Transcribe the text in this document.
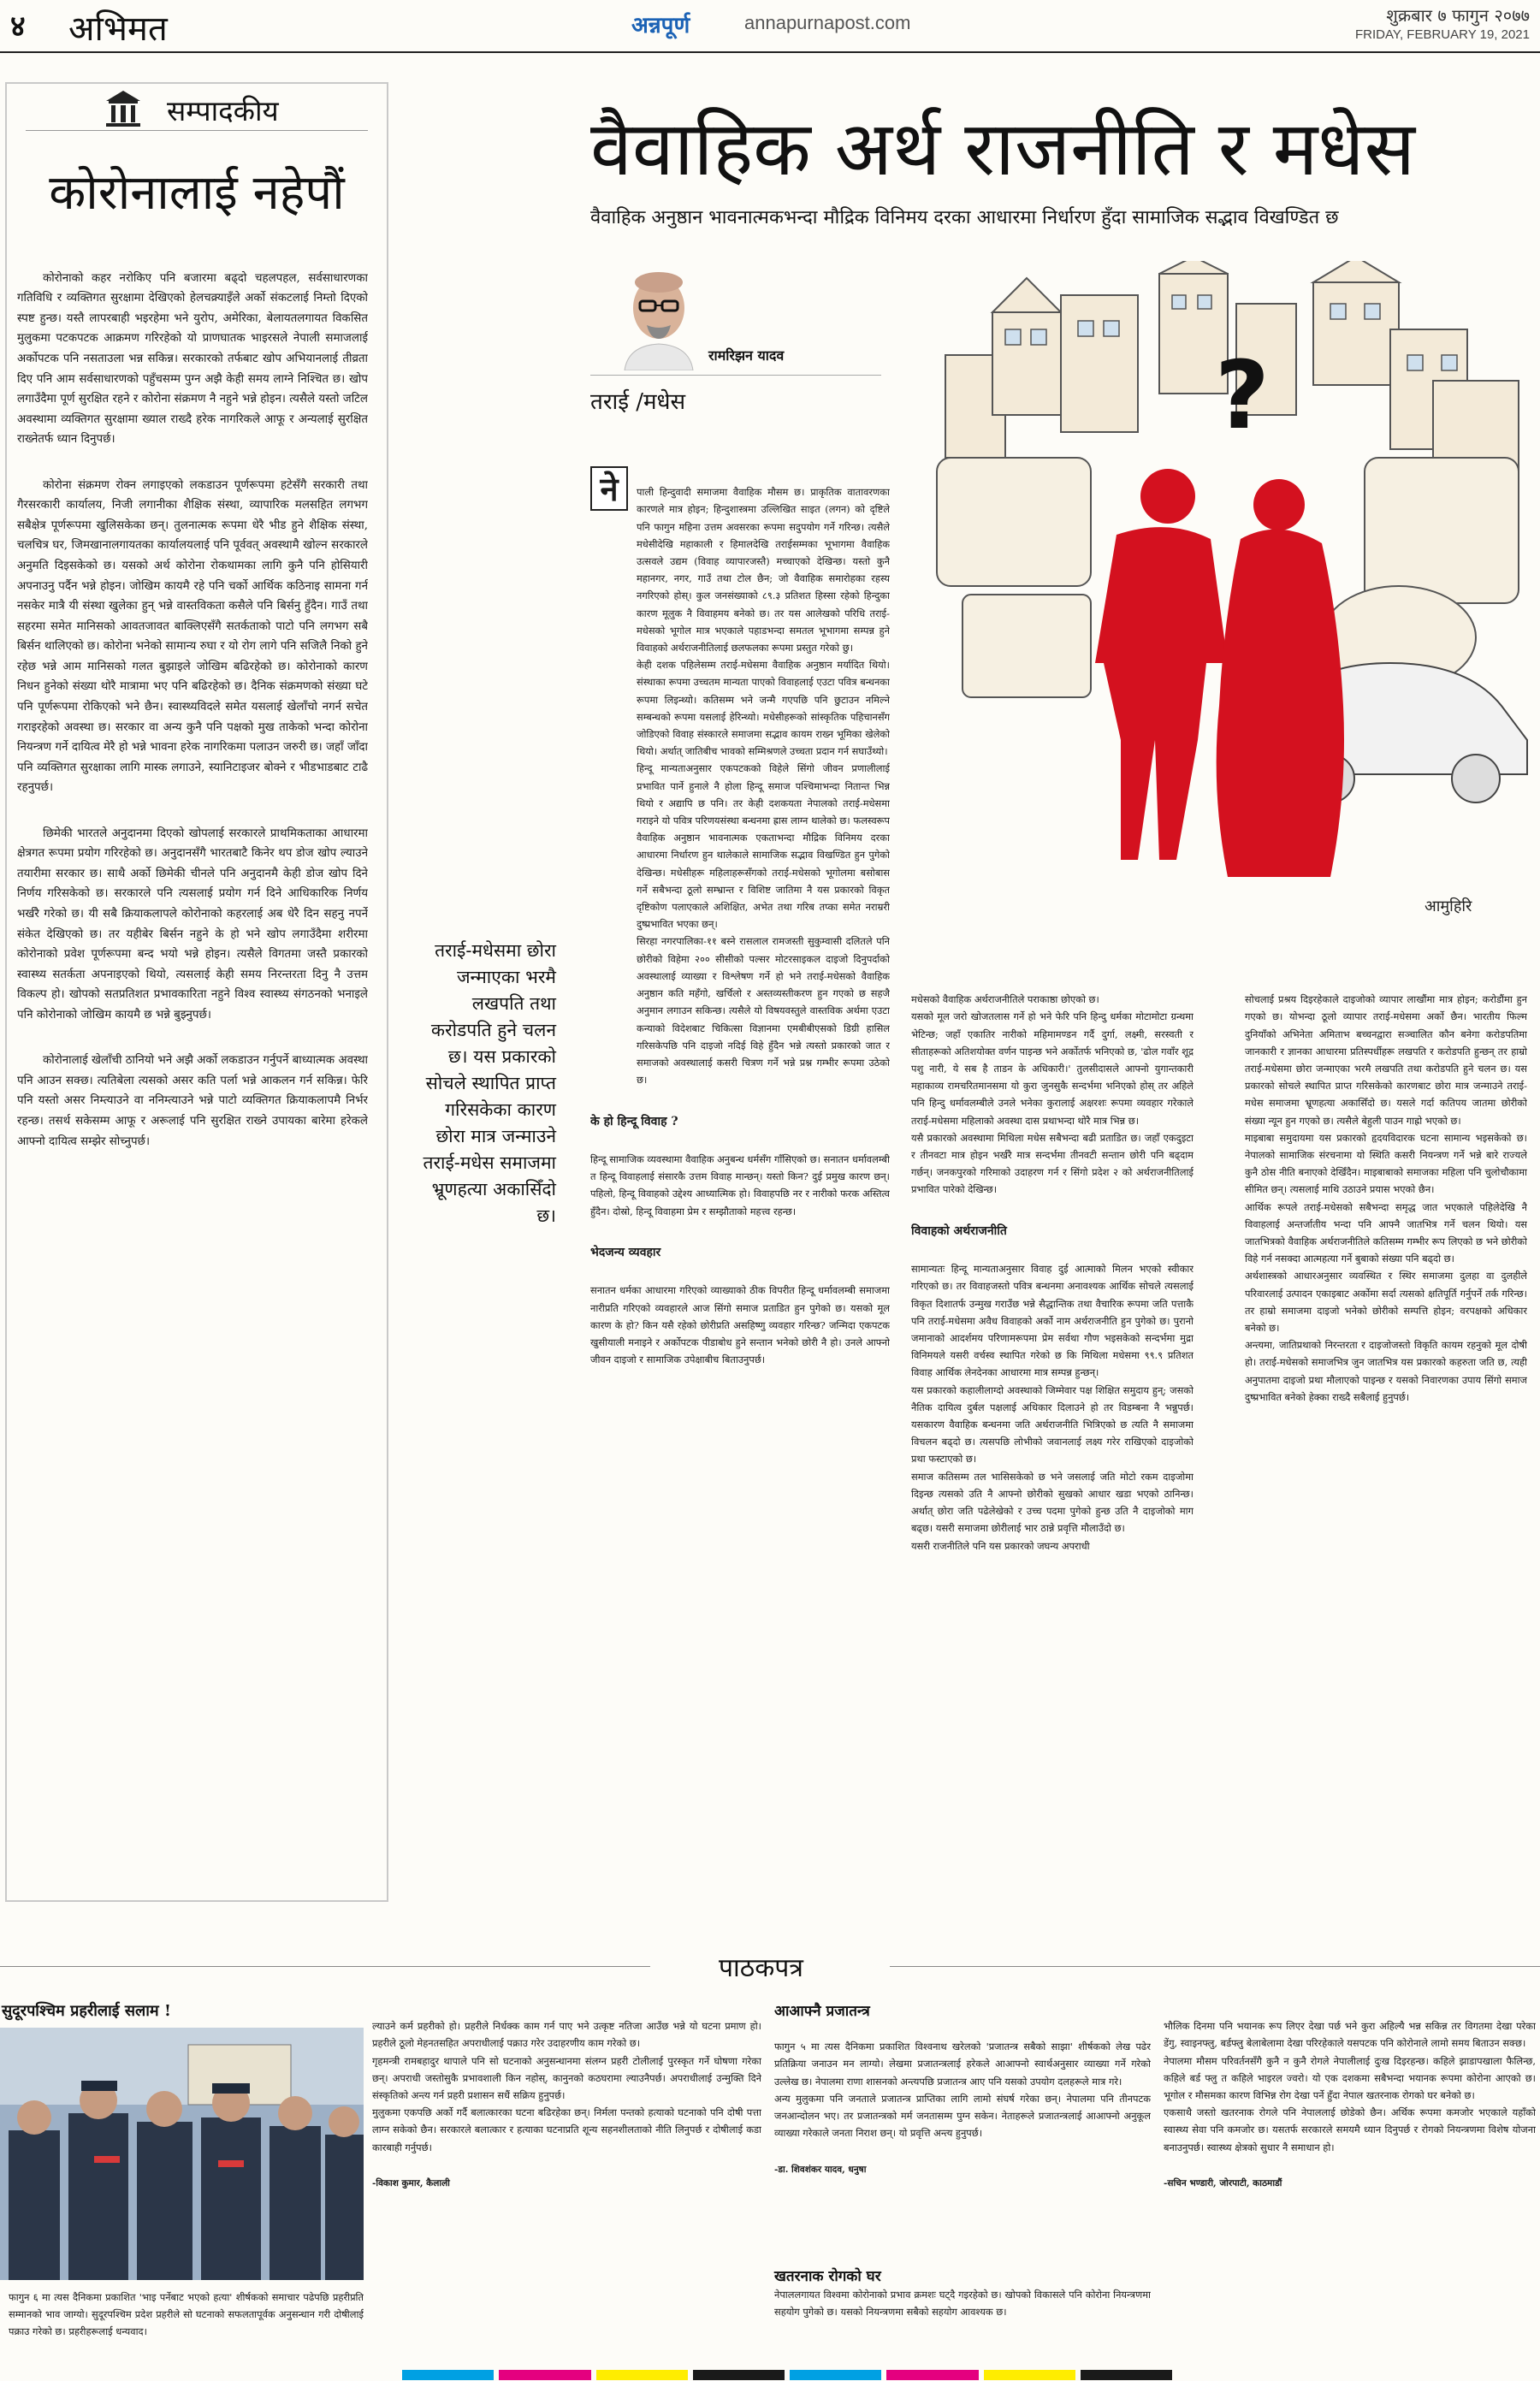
४ अभिमत	अन्नपूर्ण	annapurnapost.com	शुक्रबार ७ फागुन २०७७
FRIDAY, FEBRUARY 19, 2021
सम्पादकीय
कोरोनालाई नहेपौं

कोरोनाको कहर नरोकिए पनि बजारमा बढ्दो चहलपहल, सर्वसाधारणका गतिविधि र व्यक्तिगत सुरक्षामा देखिएको हेलचक्र्याइँले अर्को संकटलाई निम्तो दिएको स्पष्ट हुन्छ। यस्तै लापरबाही भइरहेमा भने युरोप, अमेरिका, बेलायतलगायत विकसित मुलुकमा पटकपटक आक्रमण गरिरहेको यो प्राणघातक भाइरसले नेपाली समाजलाई अर्कोपटक पनि नसताउला भन्न सकिन्न। सरकारको तर्फबाट खोप अभियानलाई तीव्रता दिए पनि आम सर्वसाधारणको पहुँचसम्म पुग्न अझै केही समय लाग्ने निश्चित छ। खोप लगाउँदैमा पूर्ण सुरक्षित रहने र कोरोना संक्रमण नै नहुने भन्ने होइन। त्यसैले यस्तो जटिल अवस्थामा व्यक्तिगत सुरक्षामा ख्याल राख्दै हरेक नागरिकले आफू र अन्यलाई सुरक्षित राख्नेतर्फ ध्यान दिनुपर्छ।

कोरोना संक्रमण रोक्न लगाइएको लकडाउन पूर्णरूपमा हटेसँगै सरकारी तथा गैरसरकारी कार्यालय, निजी लगानीका शैक्षिक संस्था, व्यापारिक मलसहित लगभग सबैक्षेत्र पूर्णरूपमा खुलिसकेका छन्। तुलनात्मक रूपमा धेरै भीड हुने शैक्षिक संस्था, चलचित्र घर, जिमखानालगायतका कार्यालयलाई पनि पूर्ववत् अवस्थामै खोल्न सरकारले अनुमति दिइसकेको छ। यसको अर्थ कोरोना रोकथामका लागि कुनै पनि होसियारी अपनाउनु पर्दैन भन्ने होइन। जोखिम कायमै रहे पनि चर्को आर्थिक कठिनाइ सामना गर्न नसकेर मात्रै यी संस्था खुलेका हुन् भन्ने वास्तविकता कसैले पनि बिर्सनु हुँदैन। गाउँ तथा सहरमा समेत मानिसको आवतजावत बाक्लिएसँगै सतर्कताको पाटो पनि लगभग सबै बिर्सन थालिएको छ। कोरोना भनेको सामान्य रुघा र यो रोग लागे पनि सजिलै निको हुने रहेछ भन्ने आम मानिसको गलत बुझाइले जोखिम बढिरहेको छ। कोरोनाको कारण निधन हुनेको संख्या थोरै मात्रामा भए पनि बढिरहेको छ। दैनिक संक्रमणको संख्या घटे पनि पूर्णरूपमा रोकिएको भने छैन। स्वास्थ्यविदले समेत यसलाई खेलाँचो नगर्न सचेत गराइरहेको अवस्था छ। सरकार वा अन्य कुनै पनि पक्षको मुख ताकेको भन्दा कोरोना नियन्त्रण गर्ने दायित्व मेरै हो भन्ने भावना हरेक नागरिकमा पलाउन जरुरी छ। जहाँ जाँदा पनि व्यक्तिगत सुरक्षाका लागि मास्क लगाउने, स्यानिटाइजर बोक्ने र भीडभाडबाट टाढै रहनुपर्छ।

छिमेकी भारतले अनुदानमा दिएको खोपलाई सरकारले प्राथमिकताका आधारमा क्षेत्रगत रूपमा प्रयोग गरिरहेको छ। अनुदानसँगै भारतबाटै किनेर थप डोज खोप ल्याउने तयारीमा सरकार छ। साथै अर्को छिमेकी चीनले पनि अनुदानमै केही डोज खोप दिने निर्णय गरिसकेको छ। सरकारले पनि त्यसलाई प्रयोग गर्न दिने आधिकारिक निर्णय भर्खरै गरेको छ। यी सबै क्रियाकलापले कोरोनाको कहरलाई अब धेरै दिन सहनु नपर्ने संकेत देखिएको छ। तर यहीबेर बिर्सन नहुने के हो भने खोप लगाउँदैमा शरीरमा कोरोनाको प्रवेश पूर्णरूपमा बन्द भयो भन्ने होइन। त्यसैले विगतमा जस्तै प्रकारको स्वास्थ्य सतर्कता अपनाइएको थियो, त्यसलाई केही समय निरन्तरता दिनु नै उत्तम विकल्प हो। खोपको सतप्रतिशत प्रभावकारिता नहुने विश्व स्वास्थ्य संगठनको भनाइले पनि कोरोनाको जोखिम कायमै छ भन्ने बुझ्नुपर्छ।

कोरोनालाई खेलाँची ठानियो भने अझै अर्को लकडाउन गर्नुपर्ने बाध्यात्मक अवस्था पनि आउन सक्छ। त्यतिबेला त्यसको असर कति पर्ला भन्ने आकलन गर्न सकिन्न। फेरि पनि यस्तो असर निम्त्याउने वा ननिम्त्याउने भन्ने पाटो व्यक्तिगत क्रियाकलापमै निर्भर रहन्छ। तसर्थ सकेसम्म आफू र अरूलाई पनि सुरक्षित राख्ने उपायका बारेमा हरेकले आफ्नो दायित्व सम्झेर सोच्नुपर्छ।

वैवाहिक अर्थ राजनीति र मधेस
वैवाहिक अनुष्ठान भावनात्मकभन्दा मौद्रिक विनिमय दरका आधारमा निर्धारण हुँदा सामाजिक सद्भाव विखण्डित छ
रामरिझन यादव
तराई /मधेस

पाली हिन्दुवादी समाजमा वैवाहिक मौसम छ। प्राकृतिक वातावरणका कारणले मात्र होइन; हिन्दुशास्त्रमा उल्लिखित साइत (लगन) को दृष्टिले पनि फागुन महिना उत्तम अवसरका रूपमा सदुपयोग गर्ने गरिन्छ। त्यसैले मधेसीदेखि महाकाली र हिमालदेखि तराईसम्मका भूभागमा वैवाहिक उत्सवले उद्यम (विवाह व्यापारजस्तै) मच्चाएको देखिन्छ। यस्तो कुनै महानगर, नगर, गाउँ तथा टोल छैन; जो वैवाहिक समारोहका रहस्य नगरिएको होस्। कुल जनसंख्याको ८९.३ प्रतिशत हिस्सा रहेको हिन्दुका कारण मूलुक नै विवाहमय बनेको छ। तर यस आलेखको परिधि तराई-मधेसको भूगोल मात्र भएकाले पहाडभन्दा समतल भूभागमा सम्पन्न हुने विवाहको अर्थराजनीतिलाई छलफलका रूपमा प्रस्तुत गरेको छु।
केही दशक पहिलेसम्म तराई-मधेसमा वैवाहिक अनुष्ठान मर्यादित थियो। संस्थाका रूपमा उच्चतम मान्यता पाएको विवाहलाई एउटा पवित्र बन्धनका रूपमा लिइन्थ्यो। कतिसम्म भने जन्मै गएपछि पनि छुटाउन नमिल्ने सम्बन्धको रूपमा यसलाई हेरिन्थ्यो। मधेसीहरूको सांस्कृतिक पहिचानसँग जोडिएको विवाह संस्कारले समाजमा सद्भाव कायम राख्न भूमिका खेलेको थियो। अर्थात् जातिबीच भावको सम्मिश्रणले उच्चता प्रदान गर्न सघाउँथ्यो।
हिन्दू मान्यताअनुसार एकपटकको विहेले सिंगो जीवन प्रणालीलाई प्रभावित पार्ने हुनाले नै होला हिन्दू समाज पश्चिमाभन्दा नितान्त भिन्न थियो र अद्यापि छ पनि। तर केही दशकयता नेपालको तराई-मधेसमा गराइने यो पवित्र परिणयसंस्था बन्धनमा ह्रास लाग्न थालेको छ। फलस्वरूप वैवाहिक अनुष्ठान भावनात्मक एकताभन्दा मौद्रिक विनिमय दरका आधारमा निर्धारण हुन थालेकाले सामाजिक सद्भाव विखण्डित हुन पुगेको देखिन्छ। मधेसीहरू महिलाहरूसँगको तराई-मधेसको भूगोलमा बसोबास गर्ने सबैभन्दा ठूलो सम्भ्रान्त र विशिष्ट जातिमा नै यस प्रकारको विकृत दृष्टिकोण पलाएकाले अशिक्षित, अभेत तथा गरिब तप्का समेत नराम्ररी दुष्प्रभावित भएका छन्।
सिरहा नगरपालिका-११ बस्ने रासलाल रामजस्ती सुकुम्वासी दलितले पनि छोरीको विहेमा २०० सीसीको पल्सर मोटरसाइकल दाइजो दिनुपर्दाको अवस्थालाई व्याख्या र विश्लेषण गर्ने हो भने तराई-मधेसको वैवाहिक अनुष्ठान कति महँगो, खर्चिलो र अस्तव्यस्तीकरण हुन गएको छ सहजै अनुमान लगाउन सकिन्छ। त्यसैले यो विषयवस्तुले वास्तविक अर्थमा एउटा कन्याको विदेशबाट चिकित्सा विज्ञानमा एमबीबीएसको डिग्री हासिल गरिसकेपछि पनि दाइजो नदिई विहे हुँदैन भन्ने त्यस्तो प्रकारको जात र समाजको अवस्थालाई कसरी चित्रण गर्ने भन्ने प्रश्न गम्भीर रूपमा उठेको छ।

के हो हिन्दू विवाह ?

हिन्दू सामाजिक व्यवस्थामा वैवाहिक अनुबन्ध धर्मसँग गाँसिएको छ। सनातन धर्मावलम्बी त हिन्दू विवाहलाई संसारकै उत्तम विवाह मान्छन्। यस्तो किन? दुई प्रमुख कारण छन्। पहिलो, हिन्दू विवाहको उद्देश्य आध्यात्मिक हो। विवाहपछि नर र नारीको फरक अस्तित्व हुँदैन। दोस्रो, हिन्दू विवाहमा प्रेम र सम्झौताको महत्त्व रहन्छ।

भेदजन्य व्यवहार

सनातन धर्मका आधारमा गरिएको व्याख्याको ठीक विपरीत हिन्दू धर्मावलम्बी समाजमा नारीप्रति गरिएको व्यवहारले आज सिंगो समाज प्रताडित हुन पुगेको छ। यसको मूल कारण के हो? किन यसै रहेको छोरीप्रति असहिष्णु व्यवहार गरिन्छ? जन्मिदा एकपटक खुसीयाली मनाइने र अर्कोपटक पीडाबोध हुने सन्तान भनेको छोरी नै हो। उनले आफ्नो जीवन दाइजो र सामाजिक उपेक्षाबीच बिताउनुपर्छ।

ने
?
आमुहिरि
तराई-मधेसमा छोरा जन्माएका भरमै लखपति तथा करोडपति हुने चलन छ। यस प्रकारको सोचले स्थापित प्राप्त गरिसकेका कारण छोरा मात्र जन्माउने तराई-मधेस समाजमा भ्रूणहत्या अकासिँदो छ।

मधेसको वैवाहिक अर्थराजनीतिले पराकाष्ठा छोएको छ।
यसको मूल जरो खोजतलास गर्ने हो भने फेरि पनि हिन्दु धर्मका मोटामोटा ग्रन्थमा भेटिन्छ; जहाँ एकातिर नारीको महिमामण्डन गर्दै दुर्गा, लक्ष्मी, सरस्वती र सीताहरूको अतिशयोक्त वर्णन पाइन्छ भने अर्कोतर्फ भनिएको छ, 'ढोल गवाँर शूद्र पशु नारी, ये सब है ताडन के अधिकारी।' तुलसीदासले आफ्नो युगान्तकारी महाकाव्य रामचरितमानसमा यो कुरा जुनसुकै सन्दर्भमा भनिएको होस् तर अहिले पनि हिन्दु धर्मावलम्बीले उनले भनेका कुरालाई अक्षरशः रूपमा व्यवहार गरेकाले तराई-मधेसमा महिलाको अवस्था दास प्रथाभन्दा थोरै मात्र भिन्न छ।
यसै प्रकारको अवस्थामा मिथिला मधेस सबैभन्दा बढी प्रताडित छ। जहाँ एकदुइटा र तीनवटा मात्र होइन भर्खरै मात्र सन्दर्भमा तीनवटी सन्तान छोरी पनि बढ्दाम गर्छन्। जनकपुरको गरिमाको उदाहरण गर्न र सिंगो प्रदेश २ को अर्थराजनीतिलाई प्रभावित पारेको देखिन्छ।

विवाहको अर्थराजनीति

सामान्यतः हिन्दू मान्यताअनुसार विवाह दुई आत्माको मिलन भएको स्वीकार गरिएको छ। तर विवाहजस्तो पवित्र बन्धनमा अनावश्यक आर्थिक सोचले त्यसलाई विकृत दिशातर्फ उन्मुख गराउँछ भन्ने सैद्धान्तिक तथा वैचारिक रूपमा जति पत्ताकै पनि तराई-मधेसमा अवैध विवाहको अर्को नाम अर्थराजनीति हुन पुगेको छ। पुरानो जमानाको आदर्शमय परिणामरूपमा प्रेम सर्वथा गौण भइसकेको सन्दर्भमा मुद्रा विनिमयले यसरी वर्चस्व स्थापित गरेको छ कि मिथिला मधेसमा ९९.९ प्रतिशत विवाह आर्थिक लेनदेनका आधारमा मात्र सम्पन्न हुन्छन्।
यस प्रकारको कहालीलाग्दो अवस्थाको जिम्मेवार पक्ष शिक्षित समुदाय हुन्; जसको नैतिक दायित्व दुर्बल पक्षलाई अधिकार दिलाउने हो तर विडम्बना नै भन्नुपर्छ। यसकारण वैवाहिक बन्धनमा जति अर्थराजनीति भित्रिएको छ त्यति नै समाजमा विचलन बढ्दो छ। त्यसपछि लोभीको जवानलाई लक्ष्य गरेर राखिएको दाइजोको प्रथा फस्टाएको छ।
समाज कतिसम्म तल भासिसकेको छ भने जसलाई जति मोटो रकम दाइजोमा दिइन्छ त्यसको उति नै आफ्नो छोरीको सुखको आधार खडा भएको ठानिन्छ। अर्थात् छोरा जति पढेलेखेको र उच्च पदमा पुगेको हुन्छ उति नै दाइजोको माग बढ्छ। यसरी समाजमा छोरीलाई भार ठान्ने प्रवृत्ति मौलाउँदो छ।
यसरी राजनीतिले पनि यस प्रकारको जघन्य अपराधी

सोचलाई प्रश्रय दिइरहेकाले दाइजोको व्यापार लाखौंमा मात्र होइन; करोडौंमा हुन गएको छ। योभन्दा ठूलो व्यापार तराई-मधेसमा अर्को छैन। भारतीय फिल्म दुनियाँको अभिनेता अमिताभ बच्चनद्वारा सञ्चालित कौन बनेगा करोडपतिमा जानकारी र ज्ञानका आधारमा प्रतिस्पर्धीहरू लखपति र करोडपति हुन्छन् तर हाम्रो तराई-मधेसमा छोरा जन्माएका भरमै लखपति तथा करोडपति हुने चलन छ। यस प्रकारको सोचले स्थापित प्राप्त गरिसकेको कारणबाट छोरा मात्र जन्माउने तराई-मधेस समाजमा भ्रूणहत्या अकासिँदो छ। यसले गर्दा कतिपय जातमा छोरीको संख्या न्यून हुन गएको छ। त्यसैले बेहुली पाउन गाह्रो भएको छ।
माइबाबा समुदायमा यस प्रकारको हृदयविदारक घटना सामान्य भइसकेको छ। नेपालको सामाजिक संरचनामा यो स्थिति कसरी नियन्त्रण गर्ने भन्ने बारे राज्यले कुनै ठोस नीति बनाएको देखिँदैन। माइबाबाको समाजका महिला पनि चुलोचौकामा सीमित छन्। त्यसलाई माथि उठाउने प्रयास भएको छैन।
आर्थिक रूपले तराई-मधेसको सबैभन्दा समृद्ध जात भएकाले पहिलेदेखि नै विवाहलाई अन्तर्जातीय भन्दा पनि आफ्नै जातभित्र गर्ने चलन थियो। यस जातभित्रको वैवाहिक अर्थराजनीतिले कतिसम्म गम्भीर रूप लिएको छ भने छोरीको विहे गर्न नसक्दा आत्महत्या गर्ने बुबाको संख्या पनि बढ्दो छ।
अर्थशास्त्रको आधारअनुसार व्यवस्थित र स्थिर समाजमा दुलहा वा दुलहीले परिवारलाई उत्पादन एकाइबाट अर्कोमा सर्दा त्यसको क्षतिपूर्ति गर्नुपर्ने तर्क गरिन्छ। तर हाम्रो समाजमा दाइजो भनेको छोरीको सम्पत्ति होइन; वरपक्षको अधिकार बनेको छ।
अन्त्यमा, जातिप्रथाको निरन्तरता र दाइजोजस्तो विकृति कायम रहनुको मूल दोषी हो। तराई-मधेसको समाजभित्र जुन जातभित्र यस प्रकारको कहरुता जति छ, त्यही अनुपातमा दाइजो प्रथा मौलाएको पाइन्छ र यसको निवारणका उपाय सिंगो समाज दुष्प्रभावित बनेको हेक्का राख्दै सबैलाई हुनुपर्छ।

पाठकपत्र
सुदूरपश्चिम प्रहरीलाई सलाम !
फागुन ६ मा त्यस दैनिकमा प्रकाशित 'भाइ पर्नेबाट भएको हत्या' शीर्षकको समाचार पढेपछि प्रहरीप्रति सम्मानको भाव जाग्यो। सुदूरपश्चिम प्रदेश प्रहरीले सो घटनाको सफलतापूर्वक अनुसन्धान गरी दोषीलाई पक्राउ गरेको छ। प्रहरीहरूलाई धन्यवाद।

ल्याउने कर्म प्रहरीको हो। प्रहरीले निर्धक्क काम गर्न पाए भने उत्कृष्ट नतिजा आउँछ भन्ने यो घटना प्रमाण हो। प्रहरीले ठूलो मेहनतसहित अपराधीलाई पक्राउ गरेर उदाहरणीय काम गरेको छ।
गृहमन्त्री रामबहादुर थापाले पनि सो घटनाको अनुसन्धानमा संलग्न प्रहरी टोलीलाई पुरस्कृत गर्ने घोषणा गरेका छन्। अपराधी जस्तोसुकै प्रभावशाली किन नहोस्, कानुनको कठघरामा ल्याउनैपर्छ। अपराधीलाई उन्मुक्ति दिने संस्कृतिको अन्त्य गर्न प्रहरी प्रशासन सधैं सक्रिय हुनुपर्छ।
मुलुकमा एकपछि अर्को गर्दै बलात्कारका घटना बढिरहेका छन्। निर्मला पन्तको हत्याको घटनाको पनि दोषी पत्ता लाग्न सकेको छैन। सरकारले बलात्कार र हत्याका घटनाप्रति शून्य सहनशीलताको नीति लिनुपर्छ र दोषीलाई कडा कारबाही गर्नुपर्छ।

-विकाश कुमार, कैलाली

आआफ्नै प्रजातन्त्र

फागुन ५ मा त्यस दैनिकमा प्रकाशित विश्वनाथ खरेलको 'प्रजातन्त्र सबैको साझा' शीर्षकको लेख पढेर प्रतिक्रिया जनाउन मन लाग्यो। लेखमा प्रजातन्त्रलाई हरेकले आआफ्नो स्वार्थअनुसार व्याख्या गर्ने गरेको उल्लेख छ। नेपालमा राणा शासनको अन्त्यपछि प्रजातन्त्र आए पनि यसको उपयोग दलहरूले मात्र गरे।
अन्य मुलुकमा पनि जनताले प्रजातन्त्र प्राप्तिका लागि लामो संघर्ष गरेका छन्। नेपालमा पनि तीनपटक जनआन्दोलन भए। तर प्रजातन्त्रको मर्म जनतासम्म पुग्न सकेन। नेताहरूले प्रजातन्त्रलाई आआफ्नो अनुकूल व्याख्या गरेकाले जनता निराश छन्। यो प्रवृत्ति अन्त्य हुनुपर्छ।

-डा. शिवशंकर यादव, धनुषा

खतरनाक रोगको घर
नेपाललगायत विश्वमा कोरोनाको प्रभाव क्रमशः घट्दै गइरहेको छ। खोपको विकासले पनि कोरोना नियन्त्रणमा सहयोग पुगेको छ। यसको नियन्त्रणमा सबैको सहयोग आवश्यक छ।

भौलिक दिनमा पनि भयानक रूप लिएर देखा पर्छ भने कुरा अहिल्यै भन्न सकिन्न तर विगतमा देखा परेका डेंगु, स्वाइनफ्लु, बर्डफ्लु बेलाबेलामा देखा परिरहेकाले यसपटक पनि कोरोनाले लामो समय बिताउन सक्छ।
नेपालमा मौसम परिवर्तनसँगै कुनै न कुनै रोगले नेपालीलाई दुःख दिइरहन्छ। कहिले झाडापखाला फैलिन्छ, कहिले बर्ड फ्लु त कहिले भाइरल ज्वरो। यो एक दशकमा सबैभन्दा भयानक रूपमा कोरोना आएको छ। भूगोल र मौसमका कारण विभिन्न रोग देखा पर्ने हुँदा नेपाल खतरनाक रोगको घर बनेको छ।
एकसाथै जस्तो खतरनाक रोगले पनि नेपाललाई छोडेको छैन। अर्थिक रूपमा कमजोर भएकाले यहाँको स्वास्थ्य सेवा पनि कमजोर छ। यसतर्फ सरकारले समयमै ध्यान दिनुपर्छ र रोगको नियन्त्रणमा विशेष योजना बनाउनुपर्छ। स्वास्थ्य क्षेत्रको सुधार नै समाधान हो।

-सचिन भण्डारी, जोरपाटी, काठमाडौं
